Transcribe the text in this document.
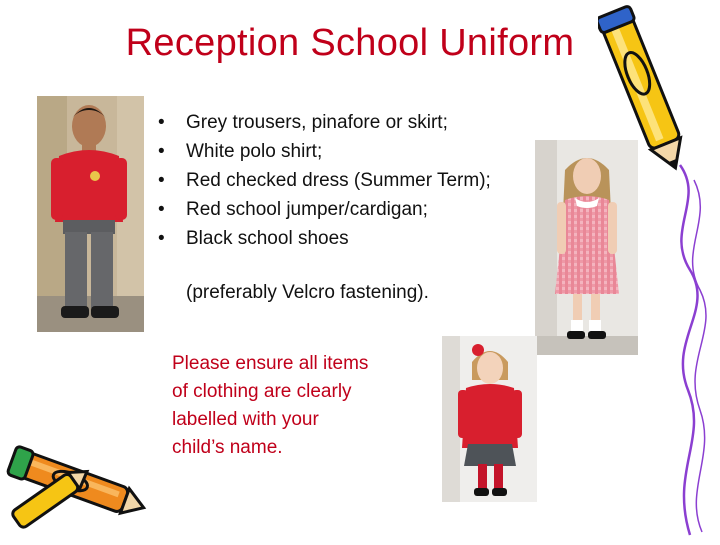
Reception School Uniform
• Grey trousers, pinafore or skirt;
• White polo shirt;
• Red checked dress (Summer Term);
• Red school jumper/cardigan;
• Black school shoes
(preferably Velcro fastening).
Please ensure all items
of clothing are clearly
labelled with your
child’s name.
